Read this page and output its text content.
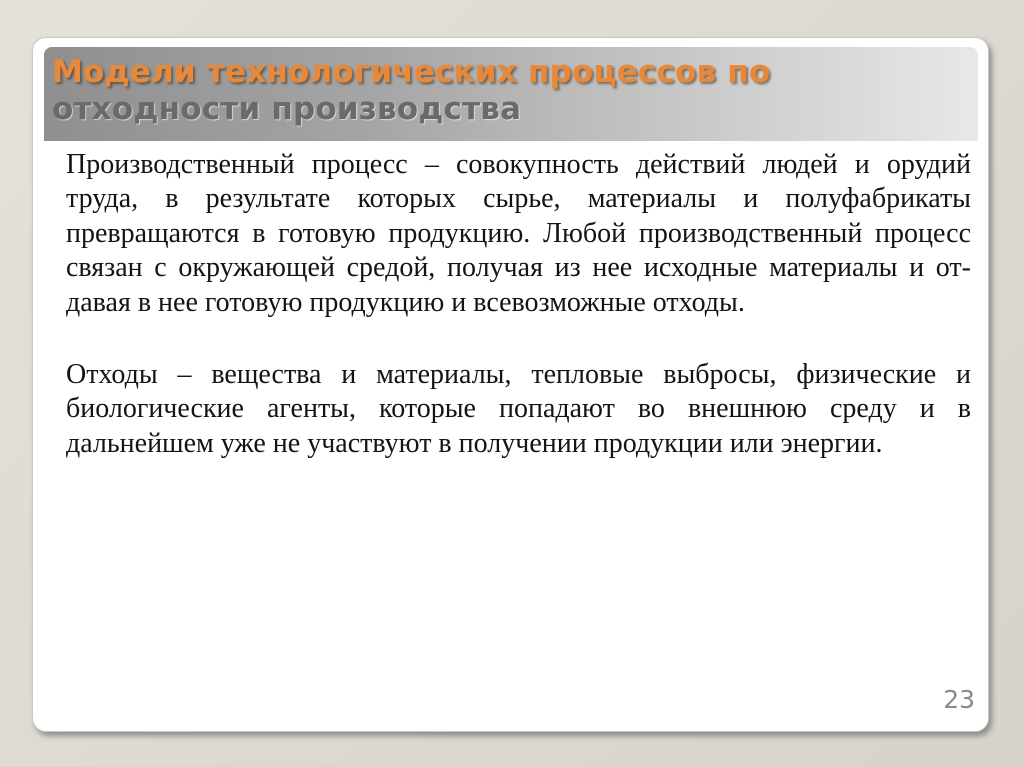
Модели технологических процессов по
отходности производства

Производственный процесс – совокупность действий людей и орудий труда, в результате которых сырье, материалы и полуфабрикаты превращаются в готовую продукцию. Любой производственный процесс связан с окружающей средой, получая из нее исходные материалы и от-давая в нее готовую продукцию и всевозможные отходы.

Отходы – вещества и материалы, тепловые выбросы, физические и биологические агенты, которые попадают во внешнюю среду и в дальнейшем уже не участвуют в получении продукции или энергии.

23
